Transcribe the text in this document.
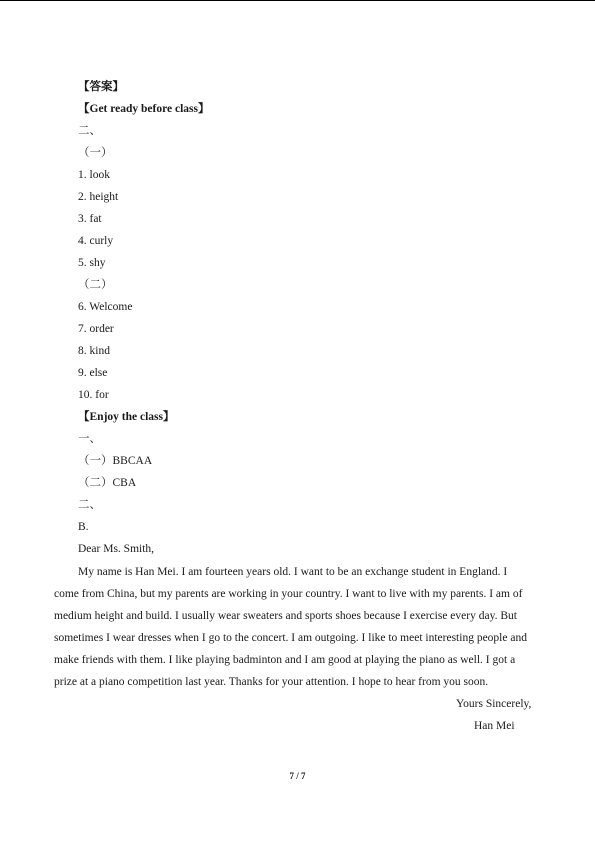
【答案】
【Get ready before class】
二、
（一）
1. look
2. height
3. fat
4. curly
5. shy
（二）
6. Welcome
7. order
8. kind
9. else
10. for
【Enjoy the class】
一、
（一）BBCAA
（二）CBA
二、
B.
Dear Ms. Smith,
My name is Han Mei. I am fourteen years old. I want to be an exchange student in England. I
come from China, but my parents are working in your country. I want to live with my parents. I am of
medium height and build. I usually wear sweaters and sports shoes because I exercise every day. But
sometimes I wear dresses when I go to the concert. I am outgoing. I like to meet interesting people and
make friends with them. I like playing badminton and I am good at playing the piano as well. I got a
prize at a piano competition last year. Thanks for your attention. I hope to hear from you soon.
Yours Sincerely,
Han Mei
7 / 7
